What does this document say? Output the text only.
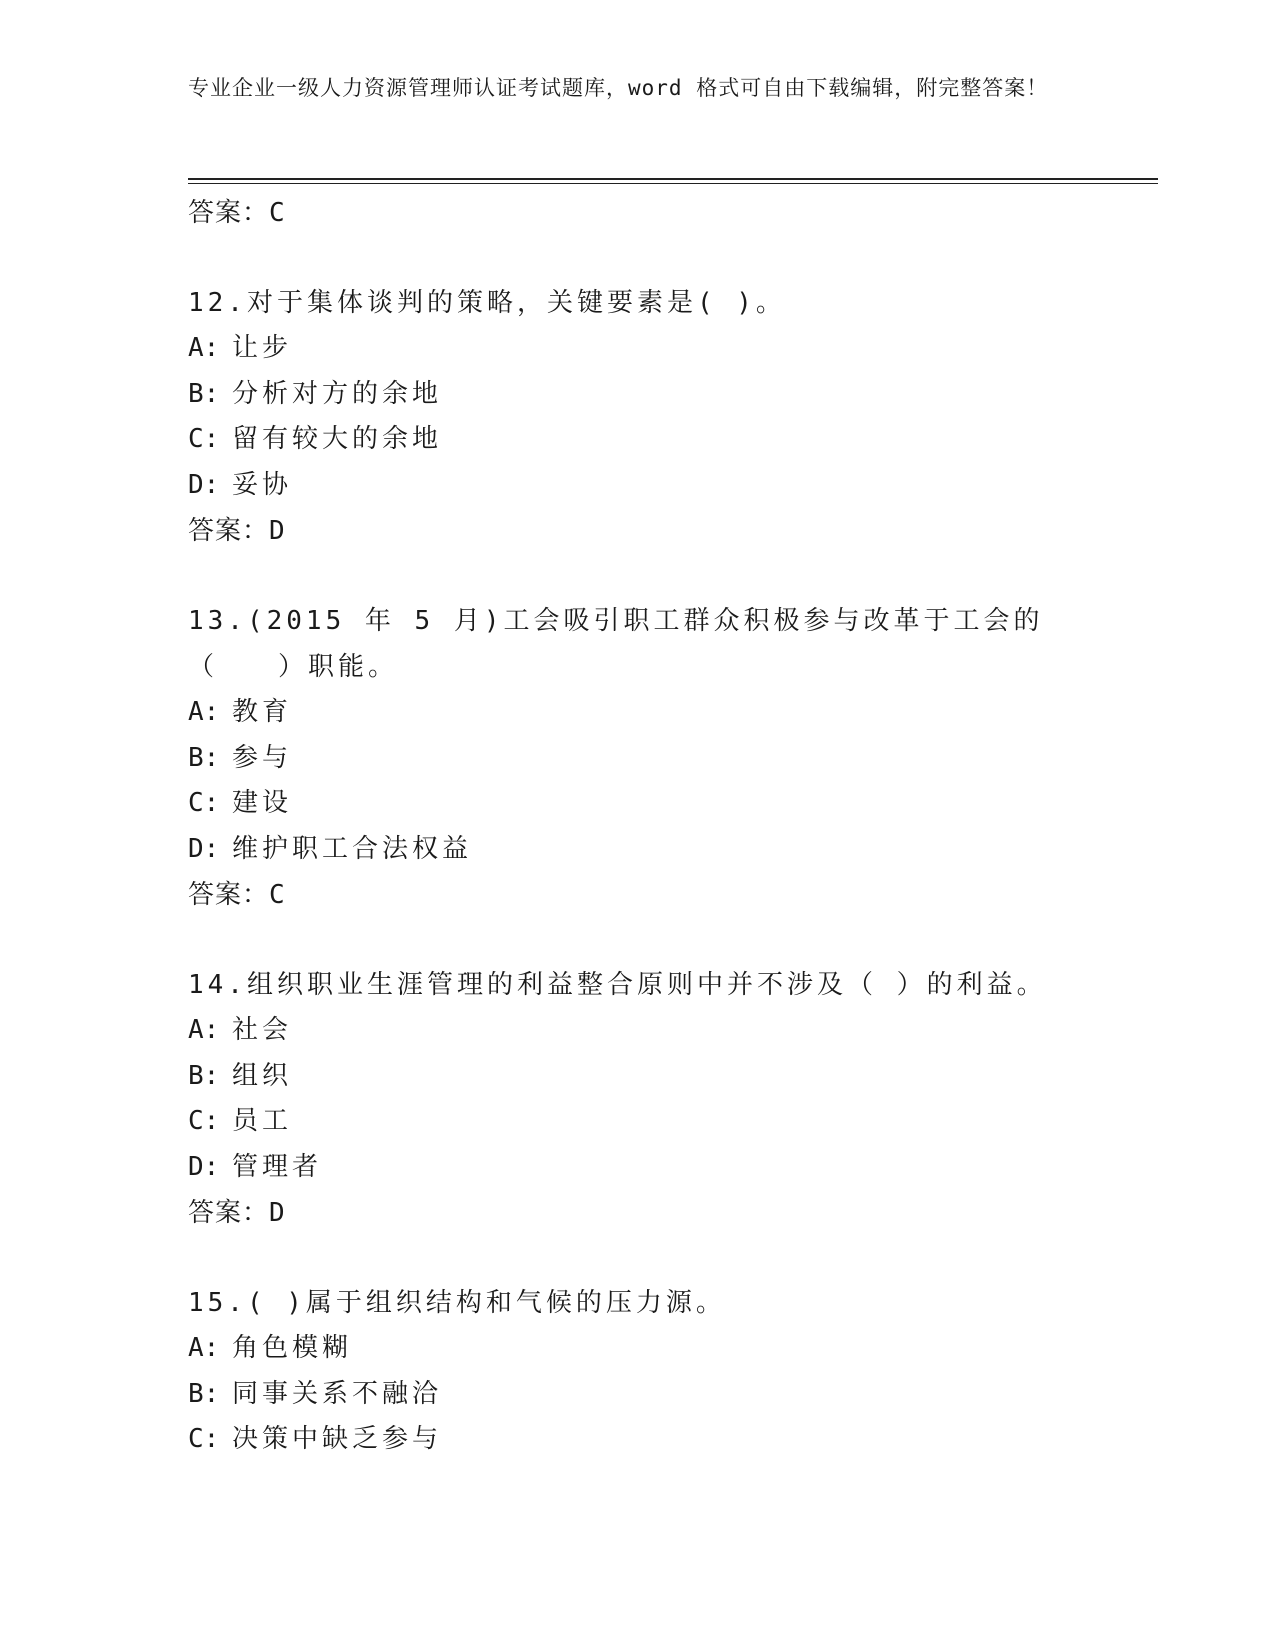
专业企业一级人力资源管理师认证考试题库，word 格式可自由下载编辑，附完整答案！
答案：C
12.对于集体谈判的策略，关键要素是( )。
A: 让步
B: 分析对方的余地
C: 留有较大的余地
D: 妥协
答案：D
13.(2015 年 5 月)工会吸引职工群众积极参与改革于工会的（　　）职能。
A: 教育
B: 参与
C: 建设
D: 维护职工合法权益
答案：C
14.组织职业生涯管理的利益整合原则中并不涉及（ ）的利益。
A: 社会
B: 组织
C: 员工
D: 管理者
答案：D
15.( )属于组织结构和气候的压力源。
A: 角色模糊
B: 同事关系不融洽
C: 决策中缺乏参与
